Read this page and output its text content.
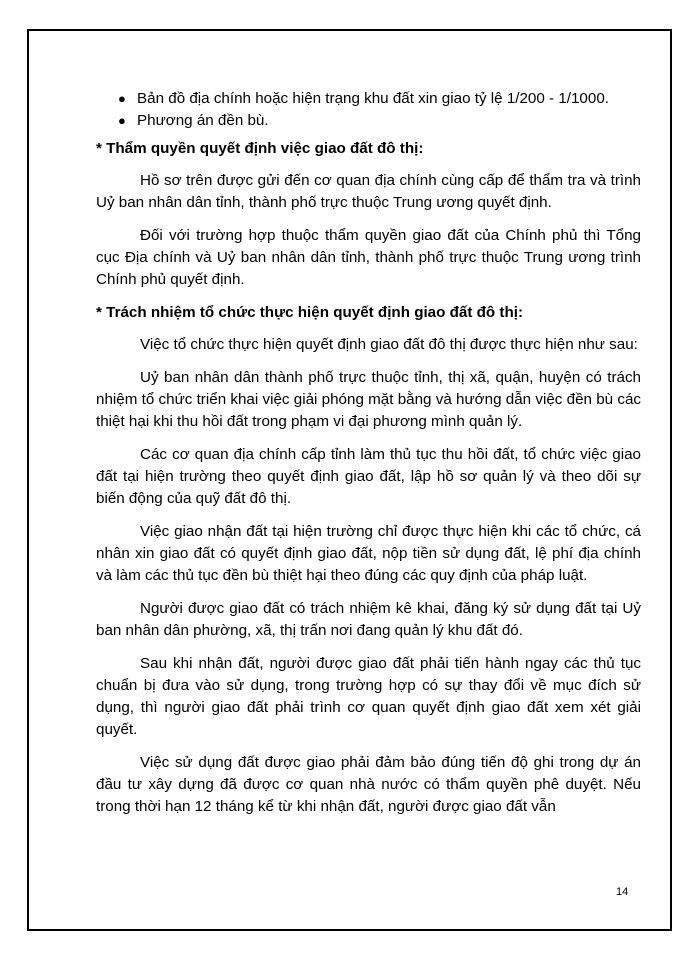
● Bản đồ địa chính hoặc hiện trạng khu đất xin giao tỷ lệ 1/200 - 1/1000.
● Phương án đền bù.
* Thẩm quyền quyết định việc giao đất đô thị:

Hồ sơ trên được gửi đến cơ quan địa chính cùng cấp để thẩm tra và trình Uỷ ban nhân dân tỉnh, thành phố trực thuộc Trung ương quyết định.

Đối với trường hợp thuộc thẩm quyền giao đất của Chính phủ thì Tổng cục Địa chính và Uỷ ban nhân dân tỉnh, thành phố trực thuộc Trung ương trình Chính phủ quyết định.

* Trách nhiệm tổ chức thực hiện quyết định giao đất đô thị:

Việc tổ chức thực hiện quyết định giao đất đô thị được thực hiện như sau:

Uỷ ban nhân dân thành phố trực thuộc tỉnh, thị xã, quận, huyện có trách nhiệm tổ chức triển khai việc giải phóng mặt bằng và hướng dẫn việc đền bù các thiệt hại khi thu hồi đất trong phạm vi đại phương mình quản lý.

Các cơ quan địa chính cấp tỉnh làm thủ tục thu hồi đất, tổ chức việc giao đất tại hiện trường theo quyết định giao đất, lập hồ sơ quản lý và theo dõi sự biến động của quỹ đất đô thị.

Việc giao nhận đất tại hiện trường chỉ được thực hiện khi các tổ chức, cá nhân xin giao đất có quyết định giao đất, nộp tiền sử dụng đất, lệ phí địa chính và làm các thủ tục đền bù thiệt hại theo đúng các quy định của pháp luật.

Người được giao đất có trách nhiệm kê khai, đăng ký sử dụng đất tại Uỷ ban nhân dân phường, xã, thị trấn nơi đang quản lý khu đất đó.

Sau khi nhận đất, người được giao đất phải tiến hành ngay các thủ tục chuẩn bị đưa vào sử dụng, trong trường hợp có sự thay đổi về mục đích sử dụng, thì người giao đất phải trình cơ quan quyết định giao đất xem xét giải quyết.

Việc sử dụng đất được giao phải đảm bảo đúng tiến độ ghi trong dự án đầu tư xây dựng đã được cơ quan nhà nước có thẩm quyền phê duyệt. Nếu trong thời hạn 12 tháng kể từ khi nhận đất, người được giao đất vẫn

14
